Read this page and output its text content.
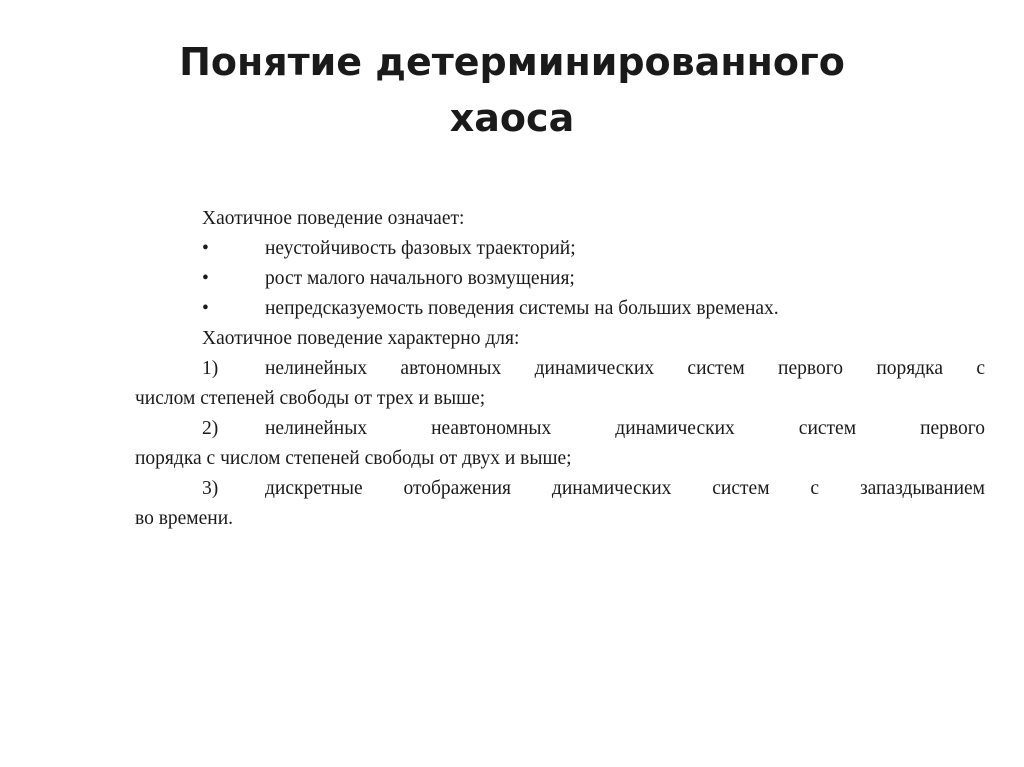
Понятие детерминированного
хаоса
Хаотичное поведение означает:
•	неустойчивость фазовых траекторий;
•	рост малого начального возмущения;
•	непредсказуемость поведения системы на больших временах.
Хаотичное поведение характерно для:
1)	нелинейных автономных динамических систем первого порядка с
числом степеней свободы от трех и выше;
2)	нелинейных неавтономных динамических систем первого
порядка с числом степеней свободы от двух и выше;
3)	дискретные отображения динамических систем с запаздыванием
во времени.
